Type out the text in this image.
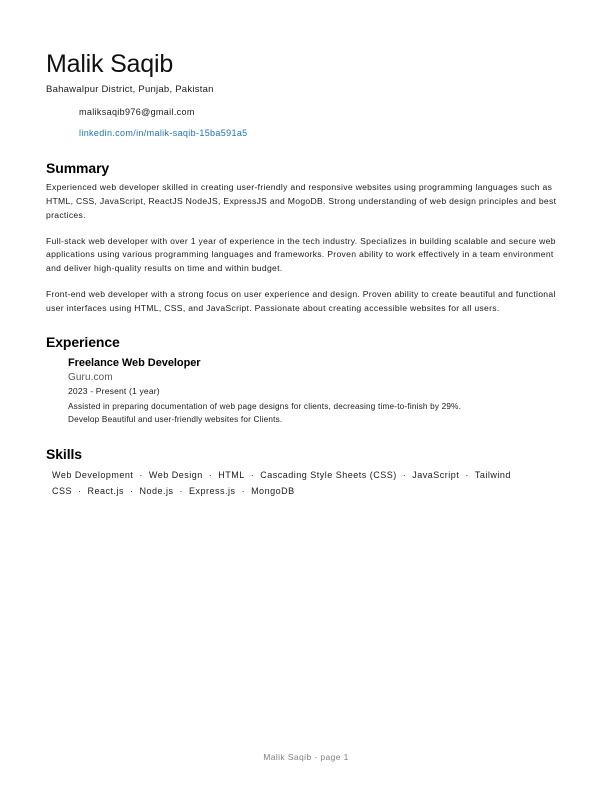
Malik Saqib
Bahawalpur District, Punjab, Pakistan
maliksaqib976@gmail.com
linkedin.com/in/malik-saqib-15ba591a5
Summary

Experienced web developer skilled in creating user-friendly and responsive websites using programming languages such as HTML, CSS, JavaScript, ReactJS NodeJS, ExpressJS and MogoDB. Strong understanding of web design principles and best practices.

Full-stack web developer with over 1 year of experience in the tech industry. Specializes in building scalable and secure web applications using various programming languages and frameworks. Proven ability to work effectively in a team environment and deliver high-quality results on time and within budget.

Front-end web developer with a strong focus on user experience and design. Proven ability to create beautiful and functional user interfaces using HTML, CSS, and JavaScript. Passionate about creating accessible websites for all users.

Experience
Freelance Web Developer
Guru.com
2023 - Present (1 year)
Assisted in preparing documentation of web page designs for clients, decreasing time-to-finish by 29%.
Develop Beautiful and user-friendly websites for Clients.
Skills
Web Development · Web Design · HTML · Cascading Style Sheets (CSS) · JavaScript · Tailwind CSS · React.js · Node.js · Express.js · MongoDB
Malik Saqib - page 1
